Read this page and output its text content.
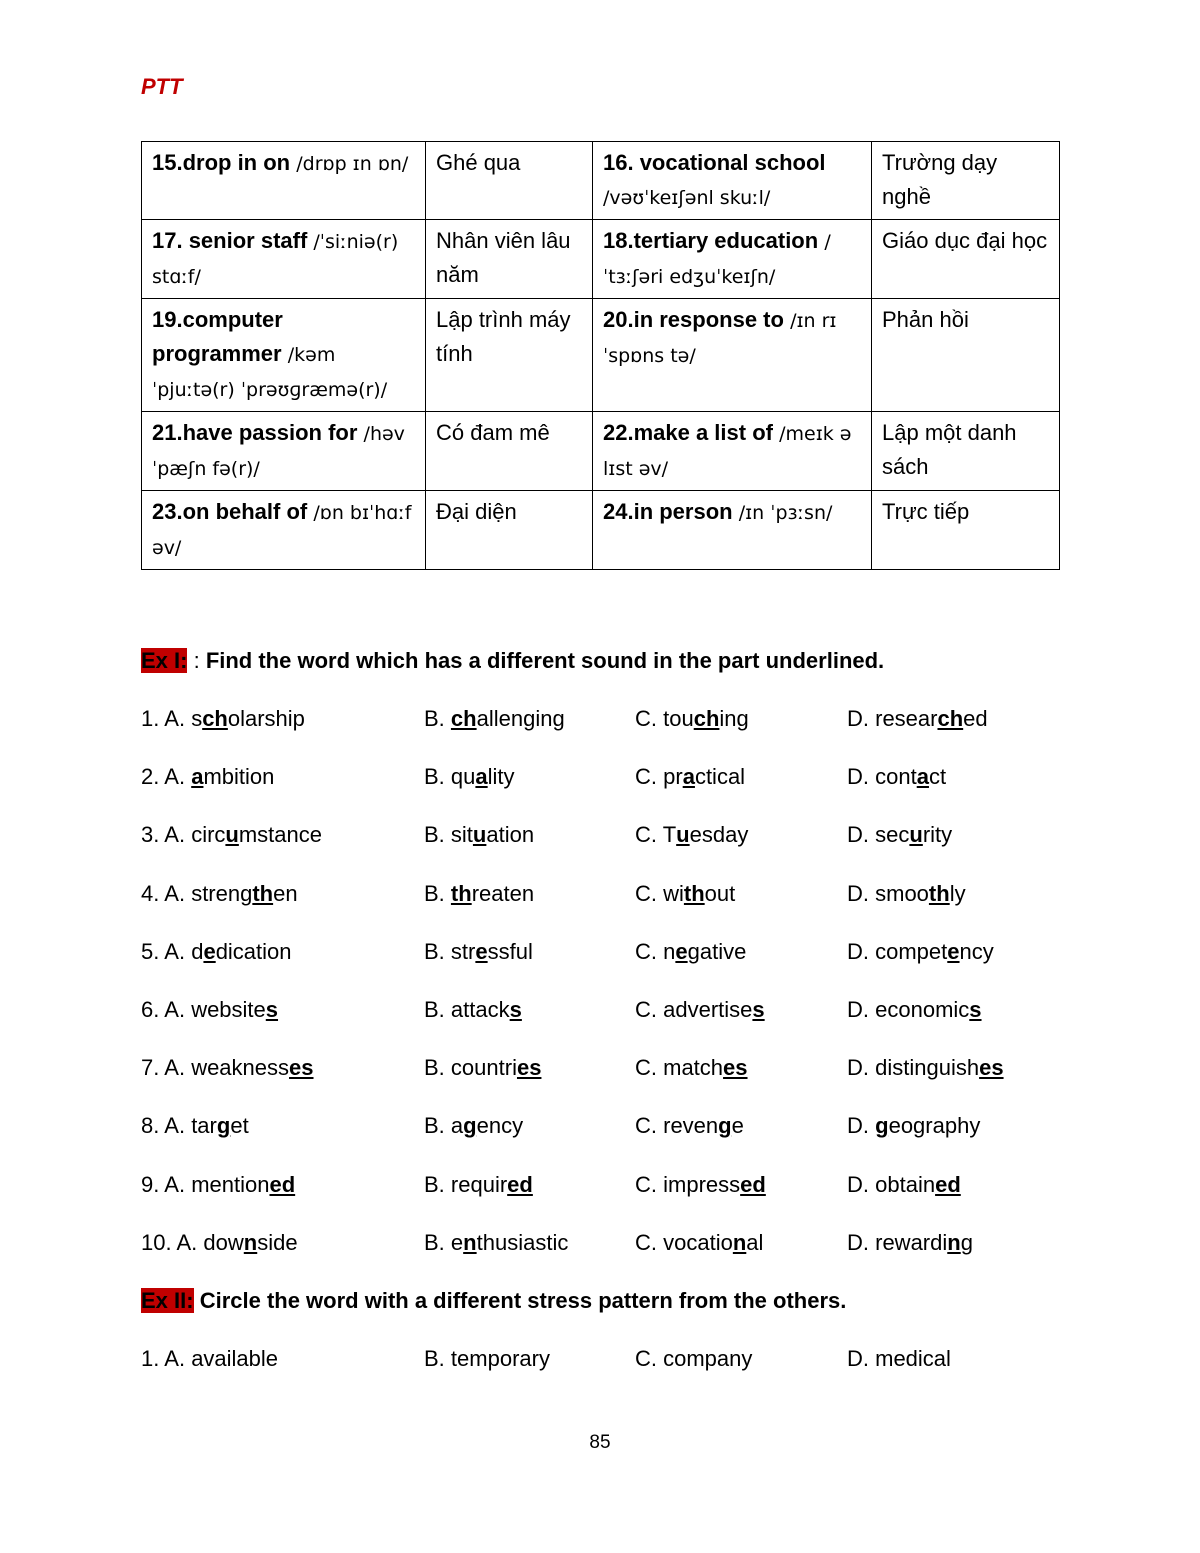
PTT
15.drop in on /drɒp ɪn ɒn/	Ghé qua	16. vocational school /vəʊˈkeɪʃənl skuːl/	Trường dạy nghề
17. senior staff /ˈsiːniə(r) stɑːf/	Nhân viên lâu năm	18.tertiary education /ˈtɜːʃəri edʒuˈkeɪʃn/	Giáo dục đại học
19.computer programmer /kəmˈpjuːtə(r) ˈprəʊɡræmə(r)/	Lập trình máy tính	20.in response to /ɪn rɪˈspɒns tə/	Phản hồi
21.have passion for /həv ˈpæʃn fə(r)/	Có đam mê	22.make a list of /meɪk ə lɪst əv/	Lập một danh sách
23.on behalf of /ɒn bɪˈhɑːf əv/	Đại diện	24.in person /ɪn ˈpɜːsn/	Trực tiếp
Ex I: : Find the word which has a different sound in the part underlined.
1. A. scholarship	B. challenging	C. touching	D. researched
2. A. ambition	B. quality	C. practical	D. contact
3. A. circumstance	B. situation	C. Tuesday	D. security
4. A. strengthen	B. threaten	C. without	D. smoothly
5. A. dedication	B. stressful	C. negative	D. competency
6. A. websites	B. attacks	C. advertises	D. economics
7. A. weaknesses	B. countries	C. matches	D. distinguishes
8. A. target	B. agency	C. revenge	D. geography
9. A. mentioned	B. required	C. impressed	D. obtained
10. A. downside	B. enthusiastic	C. vocational	D. rewarding
Ex II: Circle the word with a different stress pattern from the others.
1. A. available	B. temporary	C. company	D. medical
85
